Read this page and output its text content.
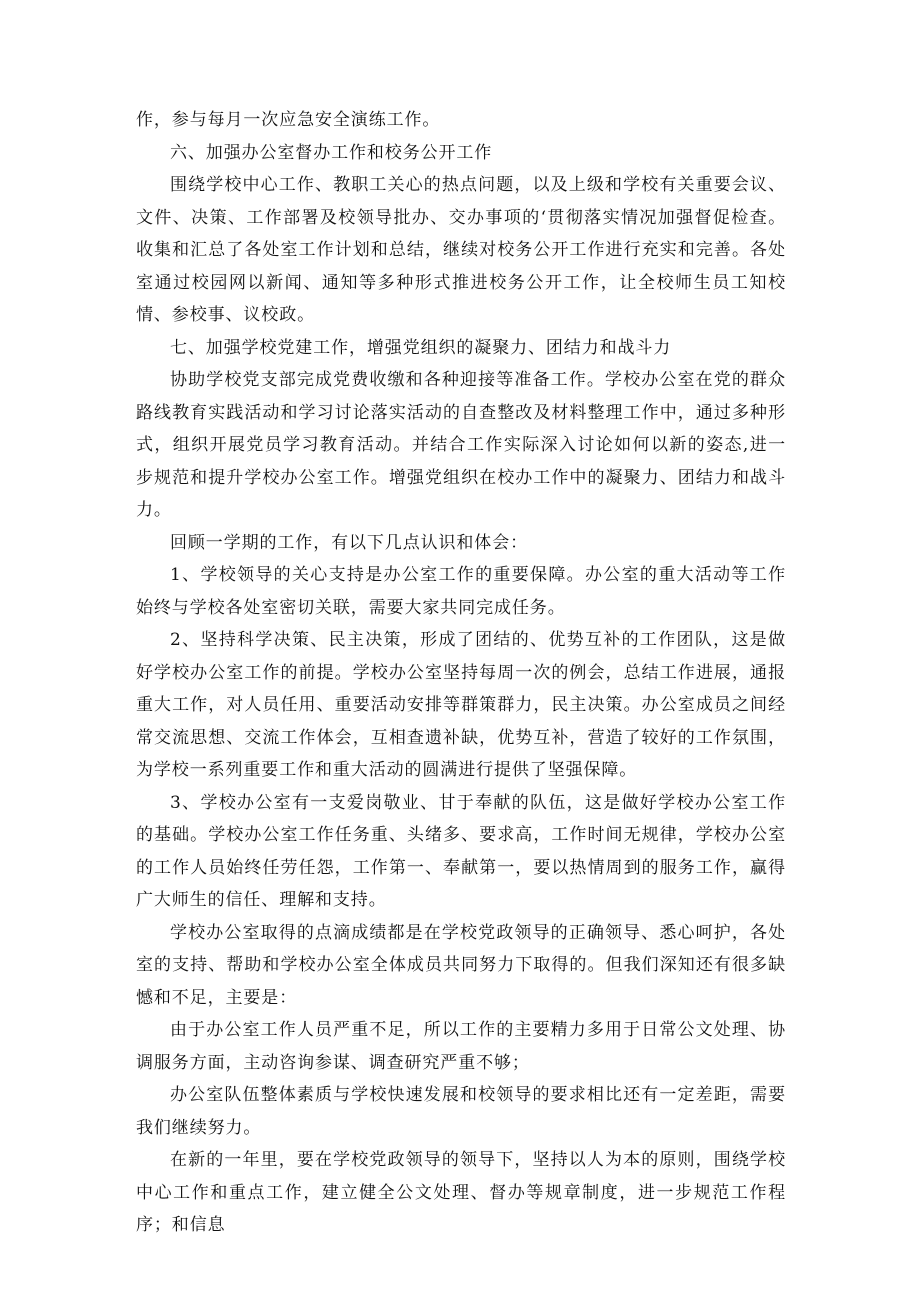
作，参与每月一次应急安全演练工作。

六、加强办公室督办工作和校务公开工作

围绕学校中心工作、教职工关心的热点问题，以及上级和学校有关重要会议、文件、决策、工作部署及校领导批办、交办事项的‘贯彻落实情况加强督促检查。收集和汇总了各处室工作计划和总结，继续对校务公开工作进行充实和完善。各处室通过校园网以新闻、通知等多种形式推进校务公开工作，让全校师生员工知校情、参校事、议校政。

七、加强学校党建工作，增强党组织的凝聚力、团结力和战斗力

协助学校党支部完成党费收缴和各种迎接等准备工作。学校办公室在党的群众路线教育实践活动和学习讨论落实活动的自查整改及材料整理工作中，通过多种形式，组织开展党员学习教育活动。并结合工作实际深入讨论如何以新的姿态,进一步规范和提升学校办公室工作。增强党组织在校办工作中的凝聚力、团结力和战斗力。

回顾一学期的工作，有以下几点认识和体会：

1、学校领导的关心支持是办公室工作的重要保障。办公室的重大活动等工作始终与学校各处室密切关联，需要大家共同完成任务。

2、坚持科学决策、民主决策，形成了团结的、优势互补的工作团队，这是做好学校办公室工作的前提。学校办公室坚持每周一次的例会，总结工作进展，通报重大工作，对人员任用、重要活动安排等群策群力，民主决策。办公室成员之间经常交流思想、交流工作体会，互相查遗补缺，优势互补，营造了较好的工作氛围，为学校一系列重要工作和重大活动的圆满进行提供了坚强保障。

3、学校办公室有一支爱岗敬业、甘于奉献的队伍，这是做好学校办公室工作的基础。学校办公室工作任务重、头绪多、要求高，工作时间无规律，学校办公室的工作人员始终任劳任怨，工作第一、奉献第一，要以热情周到的服务工作，赢得广大师生的信任、理解和支持。

学校办公室取得的点滴成绩都是在学校党政领导的正确领导、悉心呵护，各处室的支持、帮助和学校办公室全体成员共同努力下取得的。但我们深知还有很多缺憾和不足，主要是：

由于办公室工作人员严重不足，所以工作的主要精力多用于日常公文处理、协调服务方面，主动咨询参谋、调查研究严重不够；

办公室队伍整体素质与学校快速发展和校领导的要求相比还有一定差距，需要我们继续努力。

在新的一年里，要在学校党政领导的领导下，坚持以人为本的原则，围绕学校中心工作和重点工作，建立健全公文处理、督办等规章制度，进一步规范工作程序；和信息
